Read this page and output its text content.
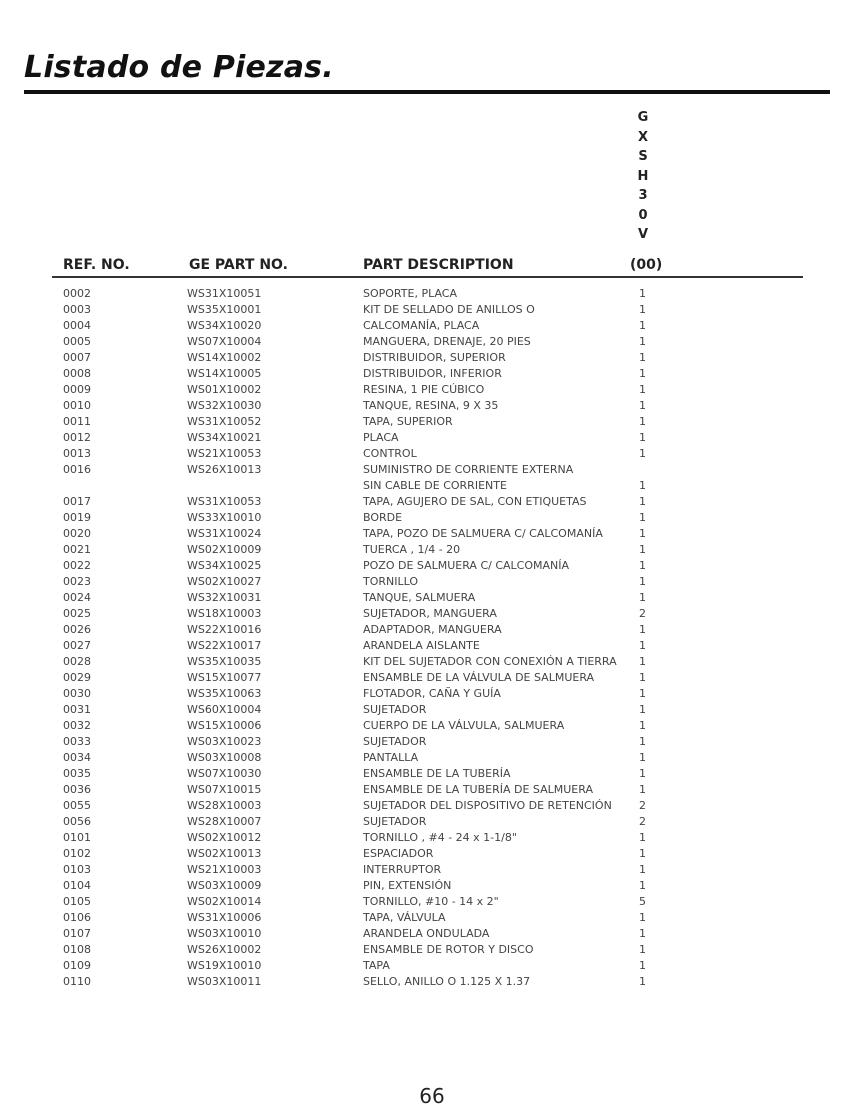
Listado de Piezas.
G
X
S
H
3
0
V
REF. NO.	GE PART NO.	PART DESCRIPTION	(00)
0002	WS31X10051	SOPORTE, PLACA	1
0003	WS35X10001	KIT DE SELLADO DE ANILLOS O	1
0004	WS34X10020	CALCOMANÍA, PLACA	1
0005	WS07X10004	MANGUERA, DRENAJE, 20 PIES	1
0007	WS14X10002	DISTRIBUIDOR, SUPERIOR	1
0008	WS14X10005	DISTRIBUIDOR, INFERIOR	1
0009	WS01X10002	RESINA, 1 PIE CÚBICO	1
0010	WS32X10030	TANQUE, RESINA, 9 X 35	1
0011	WS31X10052	TAPA, SUPERIOR	1
0012	WS34X10021	PLACA	1
0013	WS21X10053	CONTROL	1
0016	WS26X10013	SUMINISTRO DE CORRIENTE EXTERNA
SIN CABLE DE CORRIENTE	1
0017	WS31X10053	TAPA, AGUJERO DE SAL, CON ETIQUETAS	1
0019	WS33X10010	BORDE	1
0020	WS31X10024	TAPA, POZO DE SALMUERA C/ CALCOMANÍA	1
0021	WS02X10009	TUERCA , 1/4 - 20	1
0022	WS34X10025	POZO DE SALMUERA C/ CALCOMANÍA	1
0023	WS02X10027	TORNILLO	1
0024	WS32X10031	TANQUE, SALMUERA	1
0025	WS18X10003	SUJETADOR, MANGUERA	2
0026	WS22X10016	ADAPTADOR, MANGUERA	1
0027	WS22X10017	ARANDELA AISLANTE	1
0028	WS35X10035	KIT DEL SUJETADOR CON CONEXIÓN A TIERRA 1
0029	WS15X10077	ENSAMBLE DE LA VÁLVULA DE SALMUERA	1
0030	WS35X10063	FLOTADOR, CAÑA Y GUÍA	1
0031	WS60X10004	SUJETADOR	1
0032	WS15X10006	CUERPO DE LA VÁLVULA, SALMUERA	1
0033	WS03X10023	SUJETADOR	1
0034	WS03X10008	PANTALLA	1
0035	WS07X10030	ENSAMBLE DE LA TUBERÍA	1
0036	WS07X10015	ENSAMBLE DE LA TUBERÍA DE SALMUERA	1
0055	WS28X10003	SUJETADOR DEL DISPOSITIVO DE RETENCIÓN 2
0056	WS28X10007	SUJETADOR	2
0101	WS02X10012	TORNILLO , #4 - 24 x 1-1/8"	1
0102	WS02X10013	ESPACIADOR	1
0103	WS21X10003	INTERRUPTOR	1
0104	WS03X10009	PIN, EXTENSIÓN	1
0105	WS02X10014	TORNILLO, #10 - 14 x 2"	5
0106	WS31X10006	TAPA, VÁLVULA	1
0107	WS03X10010	ARANDELA ONDULADA	1
0108	WS26X10002	ENSAMBLE DE ROTOR Y DISCO	1
0109	WS19X10010	TAPA	1
0110	WS03X10011	SELLO, ANILLO O 1.125 X 1.37	1
66
